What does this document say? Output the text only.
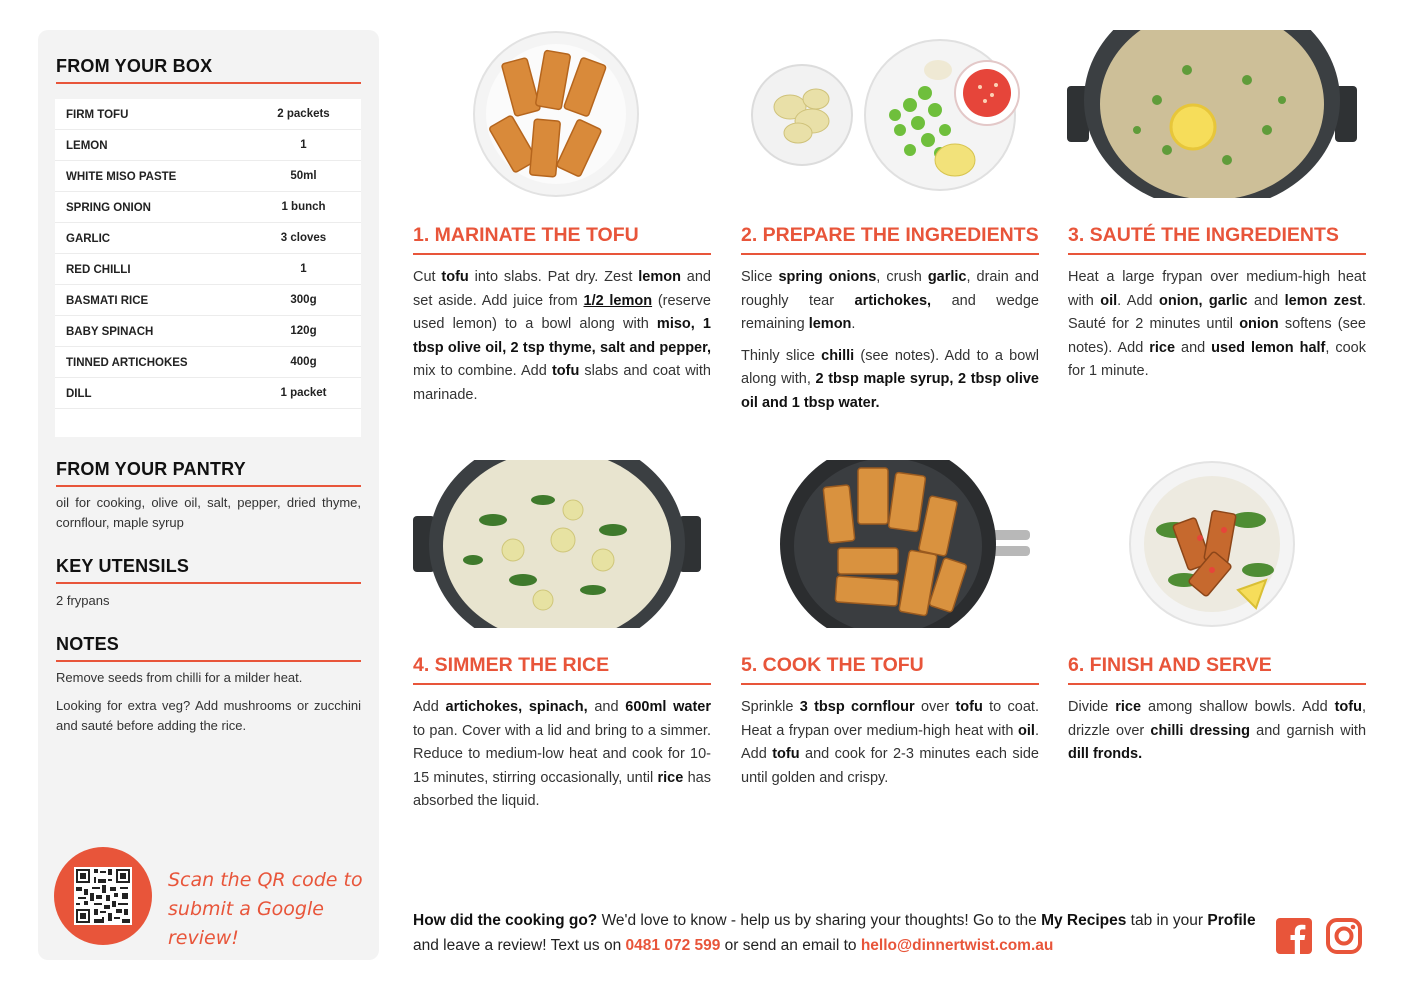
FROM YOUR BOX
FIRM TOFU	2 packets
LEMON	1
WHITE MISO PASTE	50ml
SPRING ONION	1 bunch
GARLIC	3 cloves
RED CHILLI	1
BASMATI RICE	300g
BABY SPINACH	120g
TINNED ARTICHOKES	400g
DILL	1 packet
FROM YOUR PANTRY
oil for cooking, olive oil, salt, pepper, dried thyme, cornflour, maple syrup
KEY UTENSILS
2 frypans
NOTES
Remove seeds from chilli for a milder heat.
Looking for extra veg? Add mushrooms or zucchini and sauté before adding the rice.
Scan the QR code to
submit a Google review!
1. MARINATE THE TOFU
Cut tofu into slabs. Pat dry. Zest lemon and set aside. Add juice from 1/2 lemon (reserve used lemon) to a bowl along with miso, 1 tbsp olive oil, 2 tsp thyme, salt and pepper, mix to combine. Add tofu slabs and coat with marinade.
2. PREPARE THE INGREDIENTS

Slice spring onions, crush garlic, drain and roughly tear artichokes, and wedge remaining lemon.

Thinly slice chilli (see notes). Add to a bowl along with, 2 tbsp maple syrup, 2 tbsp olive oil and 1 tbsp water.

3. SAUTÉ THE INGREDIENTS
Heat a large frypan over medium-high heat with oil. Add onion, garlic and lemon zest. Sauté for 2 minutes until onion softens (see notes). Add rice and used lemon half, cook for 1 minute.
4. SIMMER THE RICE
Add artichokes, spinach, and 600ml water to pan. Cover with a lid and bring to a simmer. Reduce to medium-low heat and cook for 10-15 minutes, stirring occasionally, until rice has absorbed the liquid.
5. COOK THE TOFU
Sprinkle 3 tbsp cornflour over tofu to coat. Heat a frypan over medium-high heat with oil. Add tofu and cook for 2-3 minutes each side until golden and crispy.
6. FINISH AND SERVE
Divide rice among shallow bowls. Add tofu, drizzle over chilli dressing and garnish with dill fronds.
How did the cooking go? We'd love to know - help us by sharing your thoughts! Go to the My Recipes tab in your Profile and leave a review! Text us on 0481 072 599 or send an email to hello@dinnertwist.com.au
